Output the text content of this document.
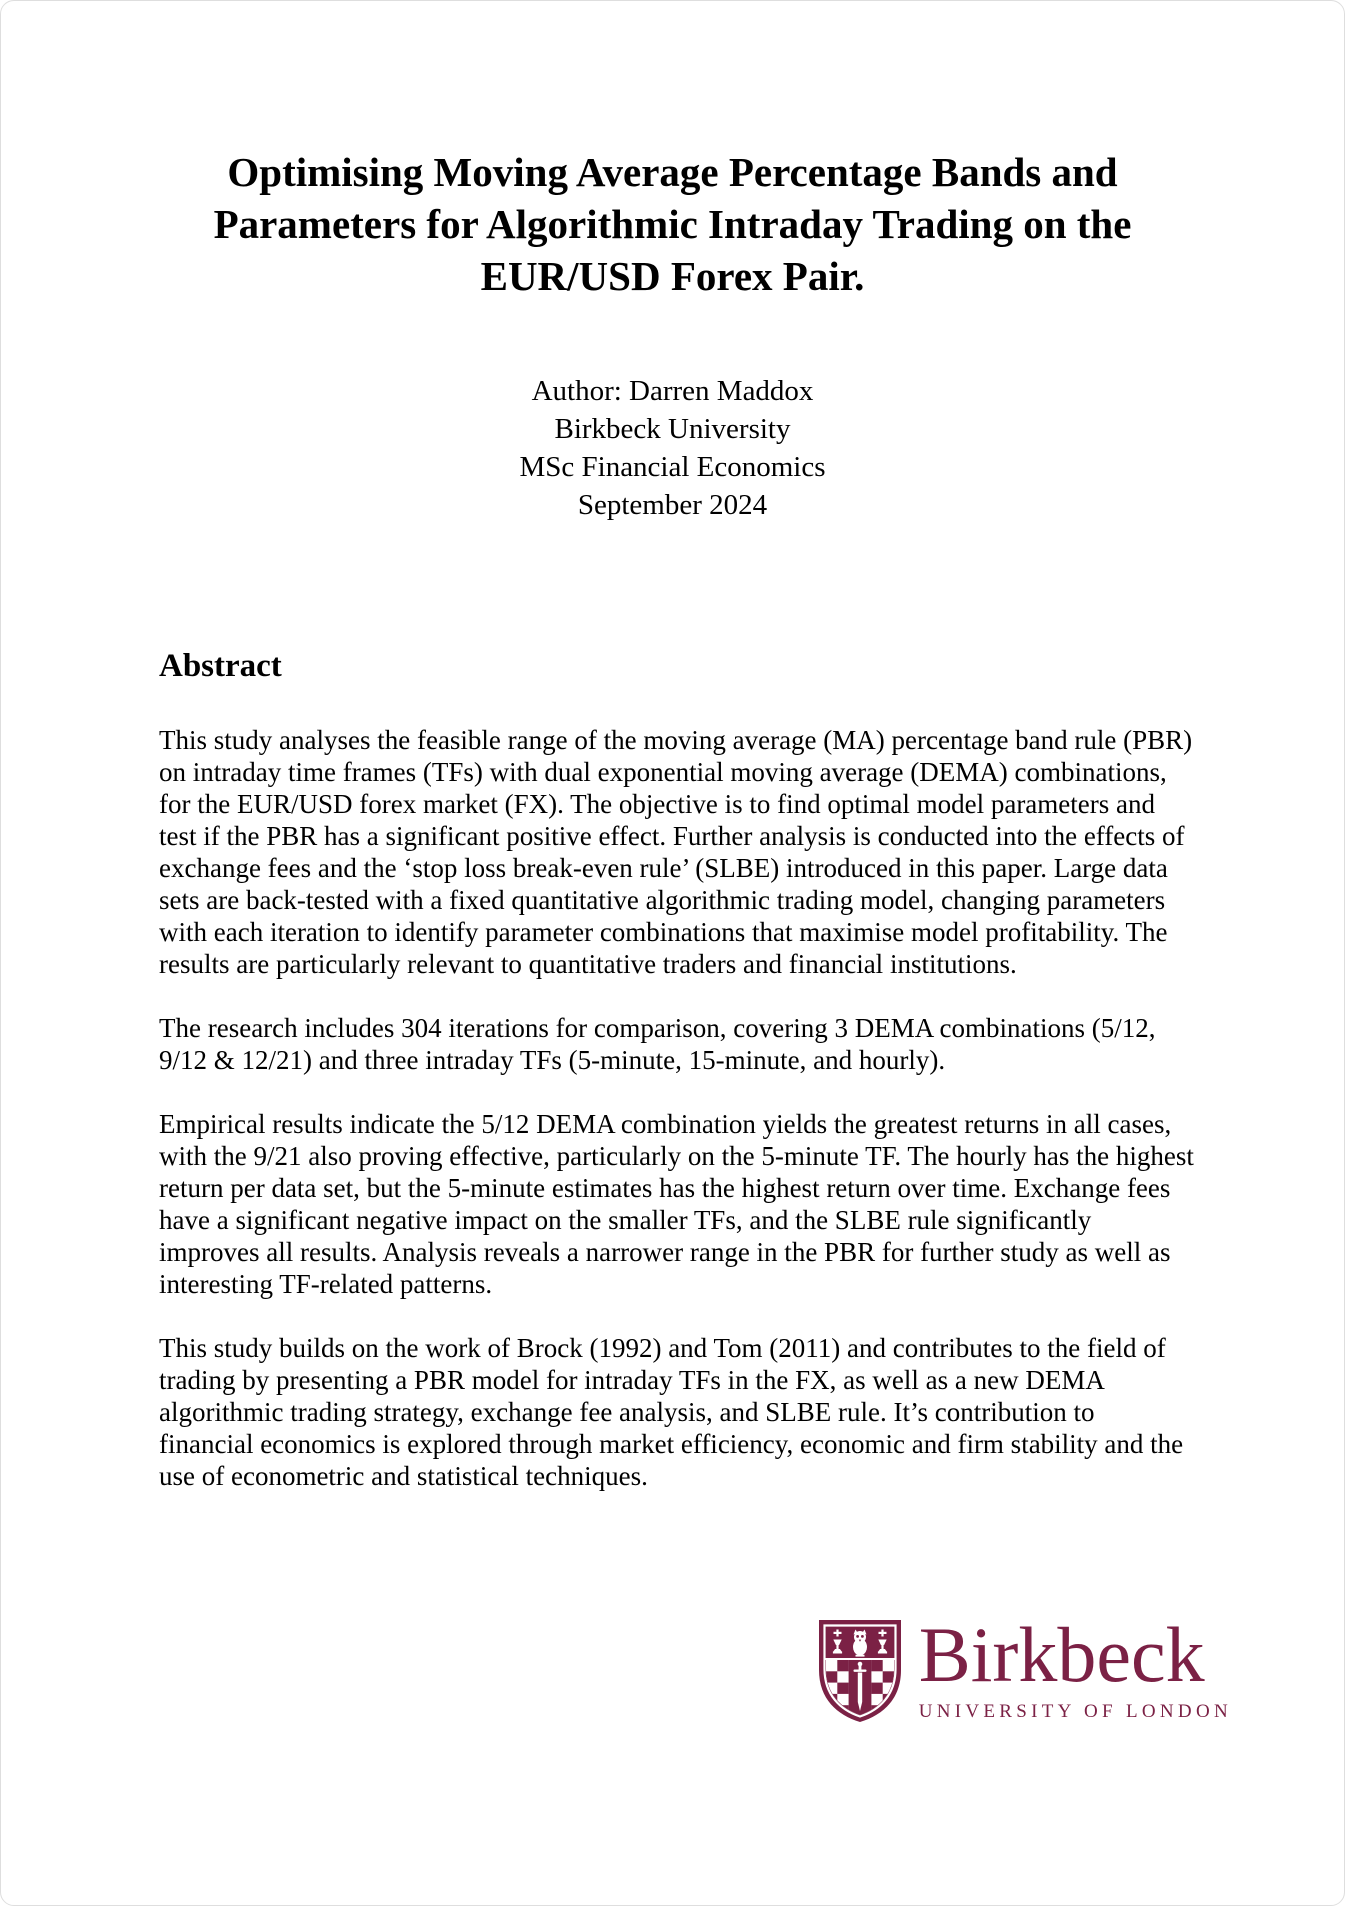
Optimising Moving Average Percentage Bands and
Parameters for Algorithmic Intraday Trading on the
EUR/USD Forex Pair.
Author: Darren Maddox
Birkbeck University
MSc Financial Economics
September 2024
Abstract

This study analyses the feasible range of the moving average (MA) percentage band rule (PBR) on intraday time frames (TFs) with dual exponential moving average (DEMA) combinations, for the EUR/USD forex market (FX). The objective is to find optimal model parameters and test if the PBR has a significant positive effect. Further analysis is conducted into the effects of exchange fees and the ‘stop loss break-even rule’ (SLBE) introduced in this paper. Large data sets are back-tested with a fixed quantitative algorithmic trading model, changing parameters with each iteration to identify parameter combinations that maximise model profitability. The results are particularly relevant to quantitative traders and financial institutions.

The research includes 304 iterations for comparison, covering 3 DEMA combinations (5/12, 9/12 & 12/21) and three intraday TFs (5-minute, 15-minute, and hourly).

Empirical results indicate the 5/12 DEMA combination yields the greatest returns in all cases, with the 9/21 also proving effective, particularly on the 5-minute TF. The hourly has the highest return per data set, but the 5-minute estimates has the highest return over time. Exchange fees have a significant negative impact on the smaller TFs, and the SLBE rule significantly improves all results. Analysis reveals a narrower range in the PBR for further study as well as interesting TF-related patterns.

This study builds on the work of Brock (1992) and Tom (2011) and contributes to the field of trading by presenting a PBR model for intraday TFs in the FX, as well as a new DEMA algorithmic trading strategy, exchange fee analysis, and SLBE rule. It’s contribution to financial economics is explored through market efficiency, economic and firm stability and the use of econometric and statistical techniques.

Birkbeck
UNIVERSITY OF LONDON
